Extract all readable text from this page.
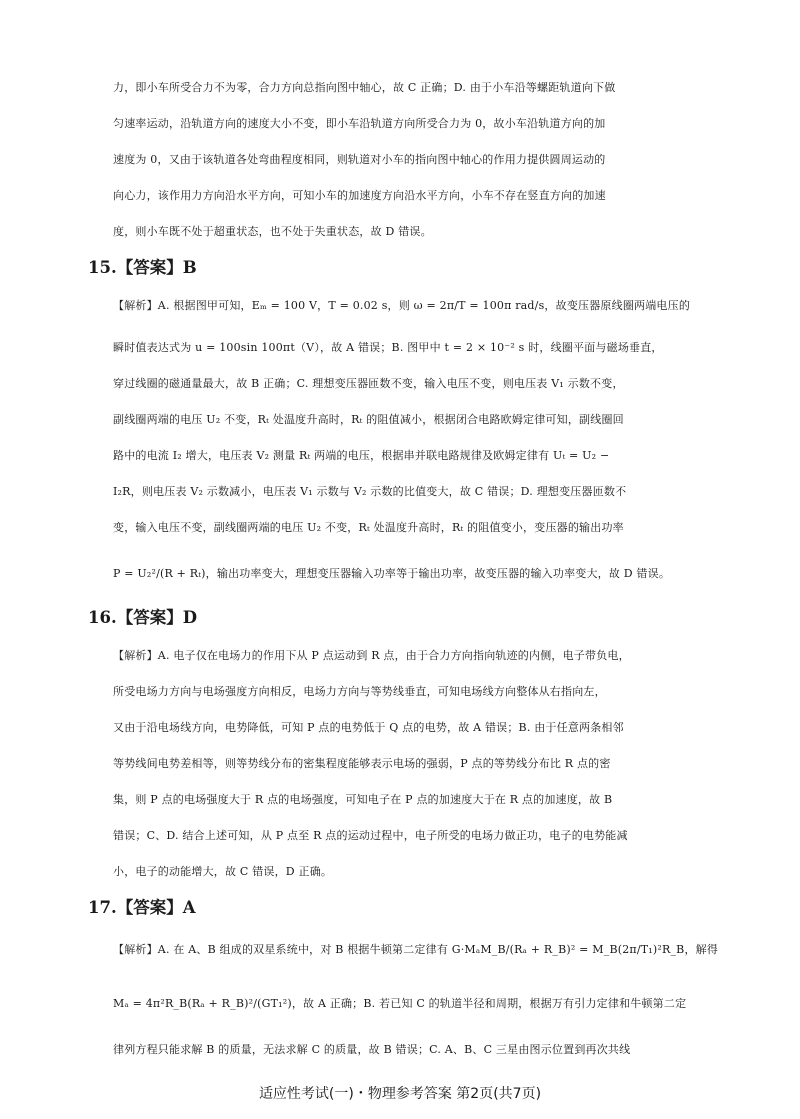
力，即小车所受合力不为零，合力方向总指向图中轴心，故 C 正确；D. 由于小车沿等螺距轨道向下做
匀速率运动，沿轨道方向的速度大小不变，即小车沿轨道方向所受合力为 0，故小车沿轨道方向的加
速度为 0，又由于该轨道各处弯曲程度相同，则轨道对小车的指向图中轴心的作用力提供圆周运动的
向心力，该作用力方向沿水平方向，可知小车的加速度方向沿水平方向，小车不存在竖直方向的加速
度，则小车既不处于超重状态，也不处于失重状态，故 D 错误。
15.【答案】B
【解析】A. 根据图甲可知，Eₘ = 100 V，T = 0.02 s，则 ω = 2π/T = 100π rad/s，故变压器原线圈两端电压的
瞬时值表达式为 u = 100sin 100πt（V），故 A 错误；B. 图甲中 t = 2 × 10⁻² s 时，线圈平面与磁场垂直，
穿过线圈的磁通量最大，故 B 正确；C. 理想变压器匝数不变，输入电压不变，则电压表 V₁ 示数不变，
副线圈两端的电压 U₂ 不变，Rₜ 处温度升高时，Rₜ 的阻值减小，根据闭合电路欧姆定律可知，副线圈回
路中的电流 I₂ 增大，电压表 V₂ 测量 Rₜ 两端的电压，根据串并联电路规律及欧姆定律有 Uₜ = U₂ −
I₂R，则电压表 V₂ 示数减小，电压表 V₁ 示数与 V₂ 示数的比值变大，故 C 错误；D. 理想变压器匝数不
变，输入电压不变，副线圈两端的电压 U₂ 不变，Rₜ 处温度升高时，Rₜ 的阻值变小，变压器的输出功率
P = U₂²/(R + Rₜ)，输出功率变大，理想变压器输入功率等于输出功率，故变压器的输入功率变大，故 D 错误。
16.【答案】D
【解析】A. 电子仅在电场力的作用下从 P 点运动到 R 点，由于合力方向指向轨迹的内侧，电子带负电，
所受电场力方向与电场强度方向相反，电场力方向与等势线垂直，可知电场线方向整体从右指向左，
又由于沿电场线方向，电势降低，可知 P 点的电势低于 Q 点的电势，故 A 错误；B. 由于任意两条相邻
等势线间电势差相等，则等势线分布的密集程度能够表示电场的强弱，P 点的等势线分布比 R 点的密
集，则 P 点的电场强度大于 R 点的电场强度，可知电子在 P 点的加速度大于在 R 点的加速度，故 B
错误；C、D. 结合上述可知，从 P 点至 R 点的运动过程中，电子所受的电场力做正功，电子的电势能减
小，电子的动能增大，故 C 错误，D 正确。
17.【答案】A
【解析】A. 在 A、B 组成的双星系统中，对 B 根据牛顿第二定律有 G·MₐM_B/(Rₐ + R_B)² = M_B(2π/T₁)²R_B，解得
Mₐ = 4π²R_B(Rₐ + R_B)²/(GT₁²)，故 A 正确；B. 若已知 C 的轨道半径和周期，根据万有引力定律和牛顿第二定
律列方程只能求解 B 的质量，无法求解 C 的质量，故 B 错误；C. A、B、C 三星由图示位置到再次共线
适应性考试(一)・物理参考答案 第2页(共7页)
